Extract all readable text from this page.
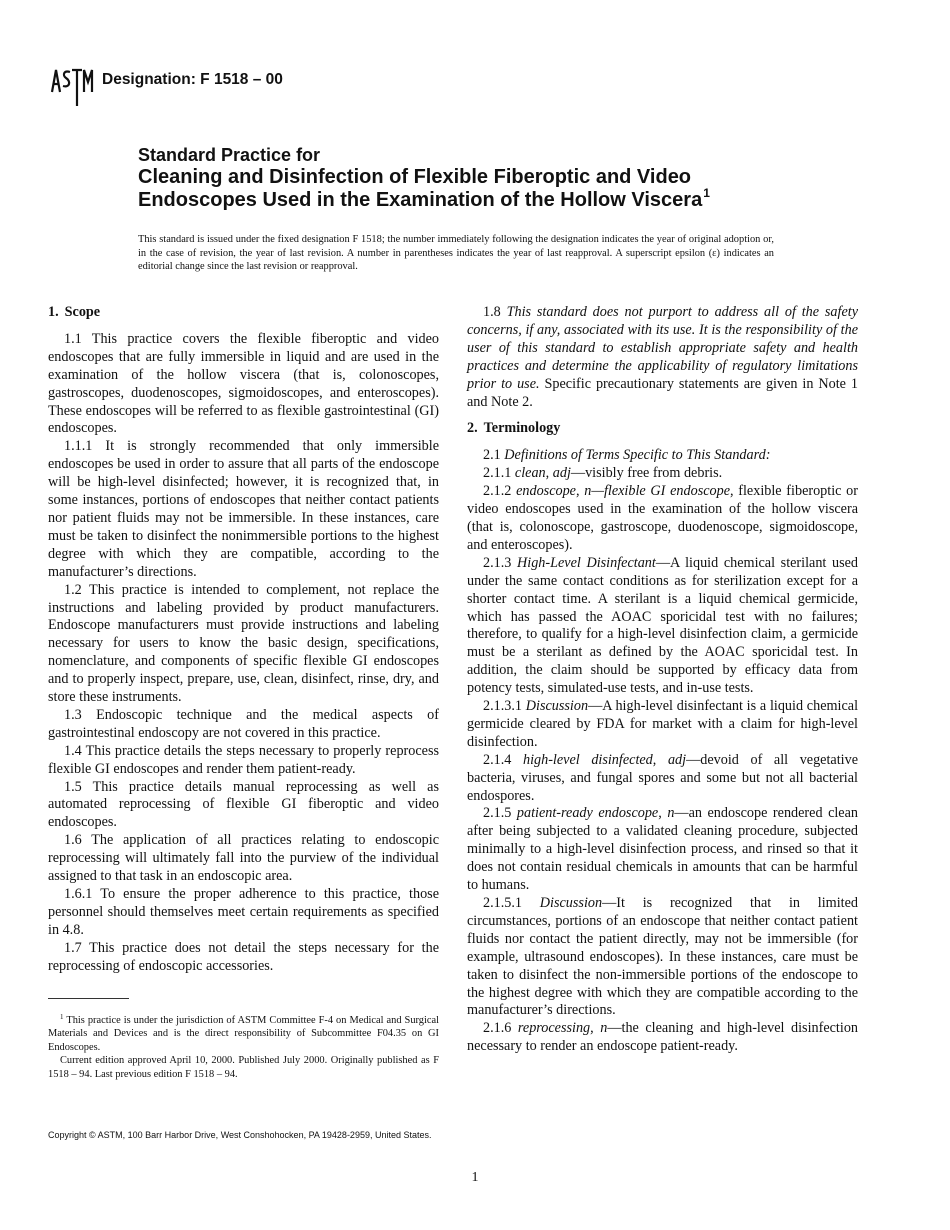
Designation: F 1518 – 00
Standard Practice for
Cleaning and Disinfection of Flexible Fiberoptic and Video
Endoscopes Used in the Examination of the Hollow Viscera$^1$
This standard is issued under the fixed designation F 1518; the number immediately following the designation indicates the year of original adoption or, in the case of revision, the year of last revision. A number in parentheses indicates the year of last reapproval. A superscript epsilon (ε) indicates an editorial change since the last revision or reapproval.
1. Scope

1.1 This practice covers the flexible fiberoptic and video endoscopes that are fully immersible in liquid and are used in the examination of the hollow viscera (that is, colonoscopes, gastroscopes, duodenoscopes, sigmoidoscopes, and enteroscopes). These endoscopes will be referred to as flexible gastrointestinal (GI) endoscopes.

1.1.1 It is strongly recommended that only immersible endoscopes be used in order to assure that all parts of the endoscope will be high-level disinfected; however, it is recognized that, in some instances, portions of endoscopes that neither contact patients nor patient fluids may not be immersible. In these instances, care must be taken to disinfect the nonimmersible portions to the highest degree with which they are compatible, according to the manufacturer’s directions.

1.2 This practice is intended to complement, not replace the instructions and labeling provided by product manufacturers. Endoscope manufacturers must provide instructions and labeling necessary for users to know the basic design, specifications, nomenclature, and components of specific flexible GI endoscopes and to properly inspect, prepare, use, clean, disinfect, rinse, dry, and store these instruments.

1.3 Endoscopic technique and the medical aspects of gastrointestinal endoscopy are not covered in this practice.

1.4 This practice details the steps necessary to properly reprocess flexible GI endoscopes and render them patient-ready.

1.5 This practice details manual reprocessing as well as automated reprocessing of flexible GI fiberoptic and video endoscopes.

1.6 The application of all practices relating to endoscopic reprocessing will ultimately fall into the purview of the individual assigned to that task in an endoscopic area.

1.6.1 To ensure the proper adherence to this practice, those personnel should themselves meet certain requirements as specified in 4.8.

1.7 This practice does not detail the steps necessary for the reprocessing of endoscopic accessories.

1.8 This standard does not purport to address all of the safety concerns, if any, associated with its use. It is the responsibility of the user of this standard to establish appropriate safety and health practices and determine the applicability of regulatory limitations prior to use. Specific precautionary statements are given in Note 1 and Note 2.

2. Terminology

2.1 Definitions of Terms Specific to This Standard:

2.1.1 clean, adj—visibly free from debris.

2.1.2 endoscope, n—flexible GI endoscope, flexible fiberoptic or video endoscopes used in the examination of the hollow viscera (that is, colonoscope, gastroscope, duodenoscope, sigmoidoscope, and enteroscopes).

2.1.3 High-Level Disinfectant—A liquid chemical sterilant used under the same contact conditions as for sterilization except for a shorter contact time. A sterilant is a liquid chemical germicide, which has passed the AOAC sporicidal test with no failures; therefore, to qualify for a high-level disinfection claim, a germicide must be a sterilant as defined by the AOAC sporicidal test. In addition, the claim should be supported by efficacy data from potency tests, simulated-use tests, and in-use tests.

2.1.3.1 Discussion—A high-level disinfectant is a liquid chemical germicide cleared by FDA for market with a claim for high-level disinfection.

2.1.4 high-level disinfected, adj—devoid of all vegetative bacteria, viruses, and fungal spores and some but not all bacterial endospores.

2.1.5 patient-ready endoscope, n—an endoscope rendered clean after being subjected to a validated cleaning procedure, subjected minimally to a high-level disinfection process, and rinsed so that it does not contain residual chemicals in amounts that can be harmful to humans.

2.1.5.1 Discussion—It is recognized that in limited circumstances, portions of an endoscope that neither contact patient fluids nor contact the patient directly, may not be immersible (for example, ultrasound endoscopes). In these instances, care must be taken to disinfect the non-immersible portions of the endoscope to the highest degree with which they are compatible according to the manufacturer’s directions.

2.1.6 reprocessing, n—the cleaning and high-level disinfection necessary to render an endoscope patient-ready.

$^1$ This practice is under the jurisdiction of ASTM Committee F-4 on Medical and Surgical Materials and Devices and is the direct responsibility of Subcommittee F04.35 on GI Endoscopes.

Current edition approved April 10, 2000. Published July 2000. Originally published as F 1518 – 94. Last previous edition F 1518 – 94.

Copyright © ASTM, 100 Barr Harbor Drive, West Conshohocken, PA 19428-2959, United States.
1
